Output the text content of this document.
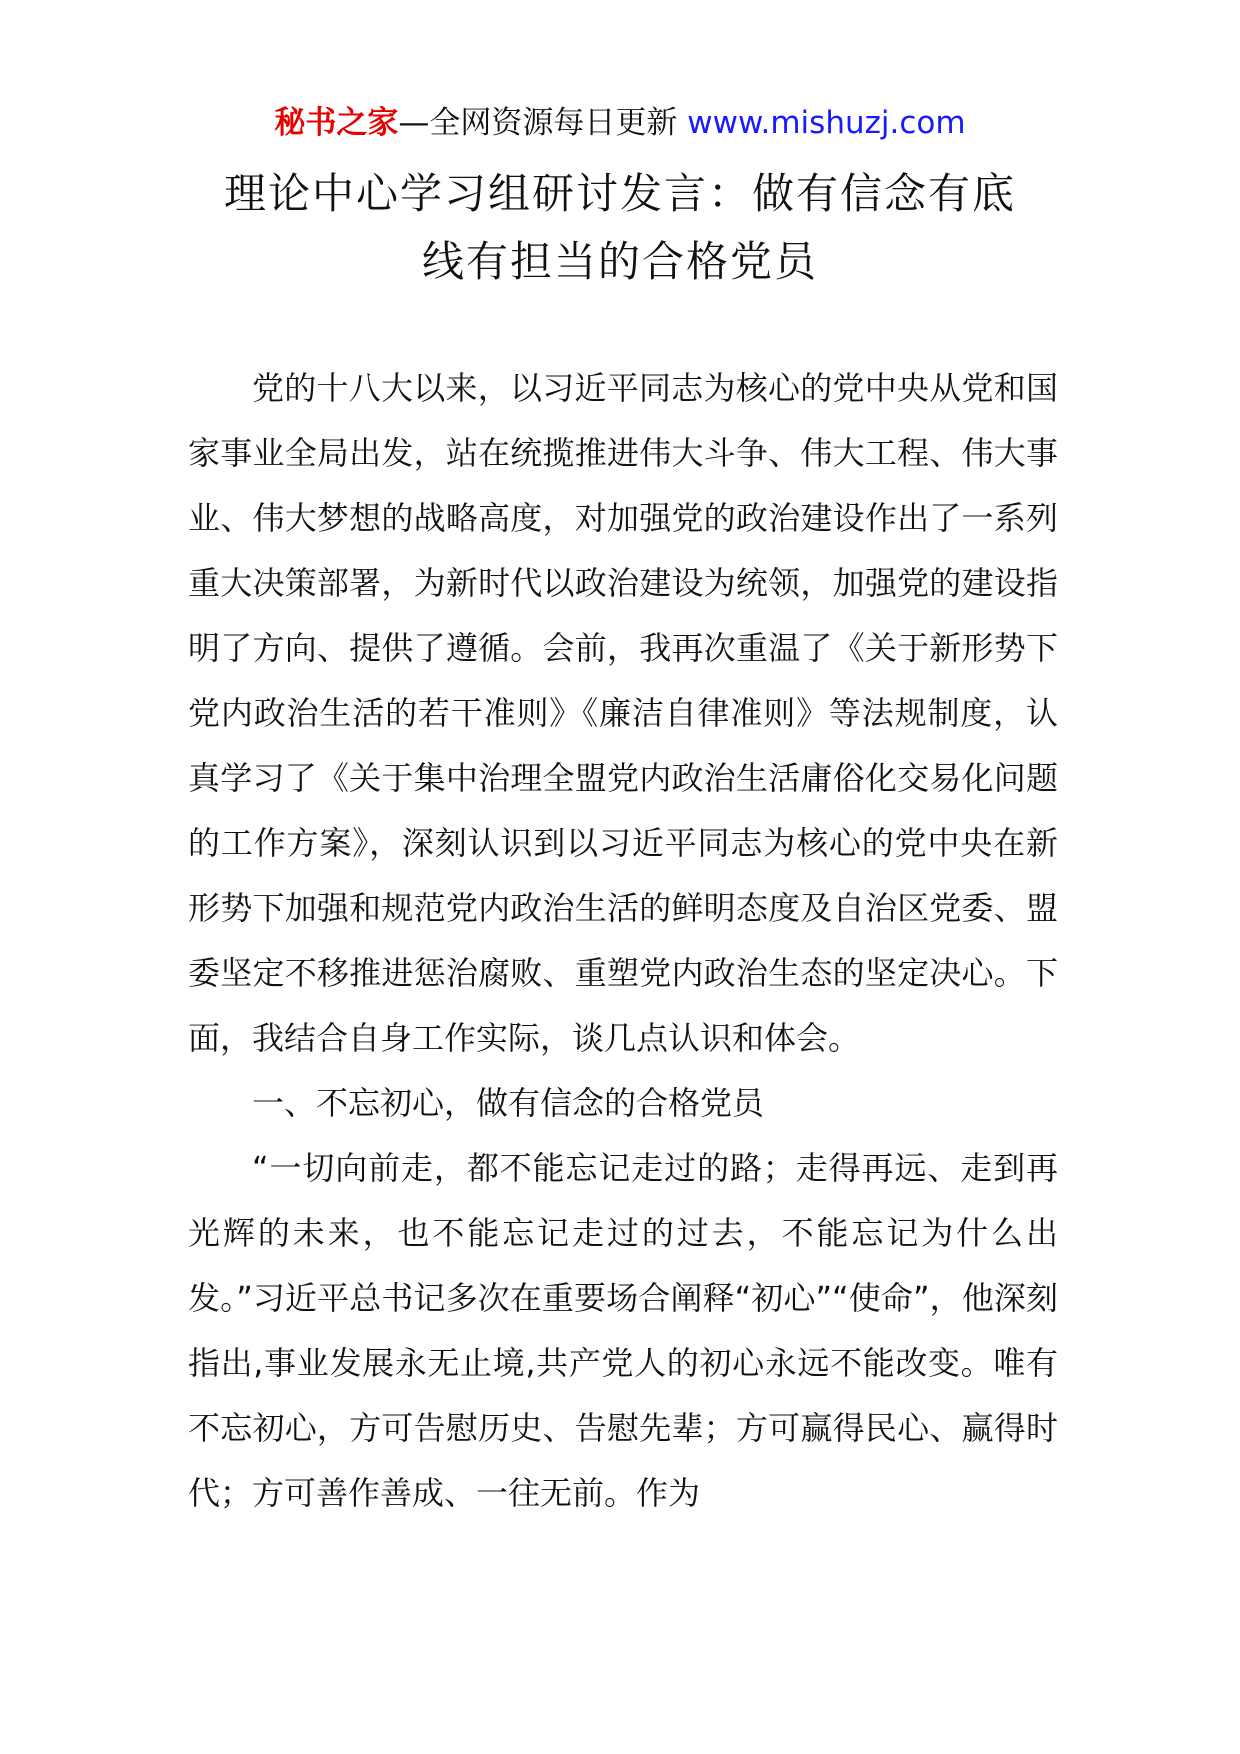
秘书之家—全网资源每日更新 www.mishuzj.com
理论中心学习组研讨发言：做有信念有底
线有担当的合格党员

党的十八大以来，以习近平同志为核心的党中央从党和国家事业全局出发，站在统揽推进伟大斗争、伟大工程、伟大事业、伟大梦想的战略高度，对加强党的政治建设作出了一系列重大决策部署，为新时代以政治建设为统领，加强党的建设指明了方向、提供了遵循。会前，我再次重温了《关于新形势下党内政治生活的若干准则》《廉洁自律准则》等法规制度，认真学习了《关于集中治理全盟党内政治生活庸俗化交易化问题的工作方案》，深刻认识到以习近平同志为核心的党中央在新形势下加强和规范党内政治生活的鲜明态度及自治区党委、盟委坚定不移推进惩治腐败、重塑党内政治生态的坚定决心。下面，我结合自身工作实际，谈几点认识和体会。

一、不忘初心，做有信念的合格党员

“一切向前走，都不能忘记走过的路；走得再远、走到再光辉的未来，也不能忘记走过的过去，不能忘记为什么出发。”习近平总书记多次在重要场合阐释“初心”“使命”，他深刻指出,事业发展永无止境,共产党人的初心永远不能改变。唯有不忘初心，方可告慰历史、告慰先辈；方可赢得民心、赢得时代；方可善作善成、一往无前。作为
